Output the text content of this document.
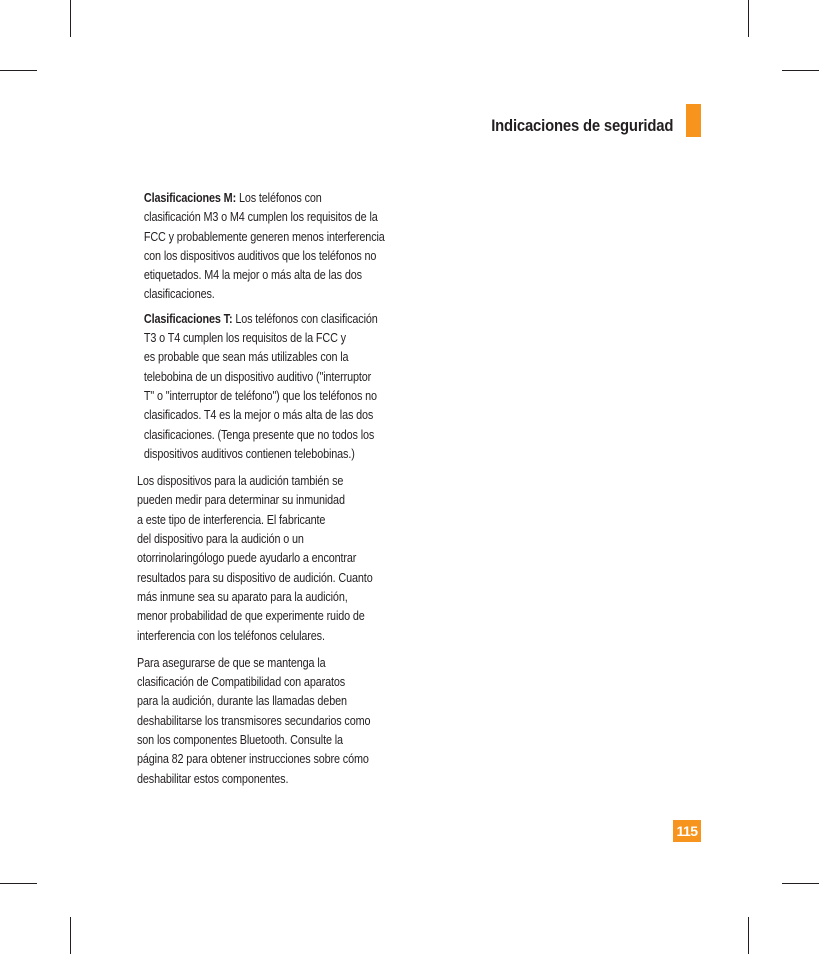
Indicaciones de seguridad

Clasificaciones M: Los teléfonos con
clasificación M3 o M4 cumplen los requisitos de la
FCC y probablemente generen menos interferencia
con los dispositivos auditivos que los teléfonos no
etiquetados. M4 la mejor o más alta de las dos
clasificaciones.

Clasificaciones T: Los teléfonos con clasificación
T3 o T4 cumplen los requisitos de la FCC y
es probable que sean más utilizables con la
telebobina de un dispositivo auditivo ("interruptor
T" o "interruptor de teléfono") que los teléfonos no
clasificados. T4 es la mejor o más alta de las dos
clasificaciones. (Tenga presente que no todos los
dispositivos auditivos contienen telebobinas.)

Los dispositivos para la audición también se
pueden medir para determinar su inmunidad
a este tipo de interferencia. El fabricante
del dispositivo para la audición o un
otorrinolaringólogo puede ayudarlo a encontrar
resultados para su dispositivo de audición. Cuanto
más inmune sea su aparato para la audición,
menor probabilidad de que experimente ruido de
interferencia con los teléfonos celulares.

Para asegurarse de que se mantenga la
clasificación de Compatibilidad con aparatos
para la audición, durante las llamadas deben
deshabilitarse los transmisores secundarios como
son los componentes Bluetooth. Consulte la
página 82 para obtener instrucciones sobre cómo
deshabilitar estos componentes.

115
